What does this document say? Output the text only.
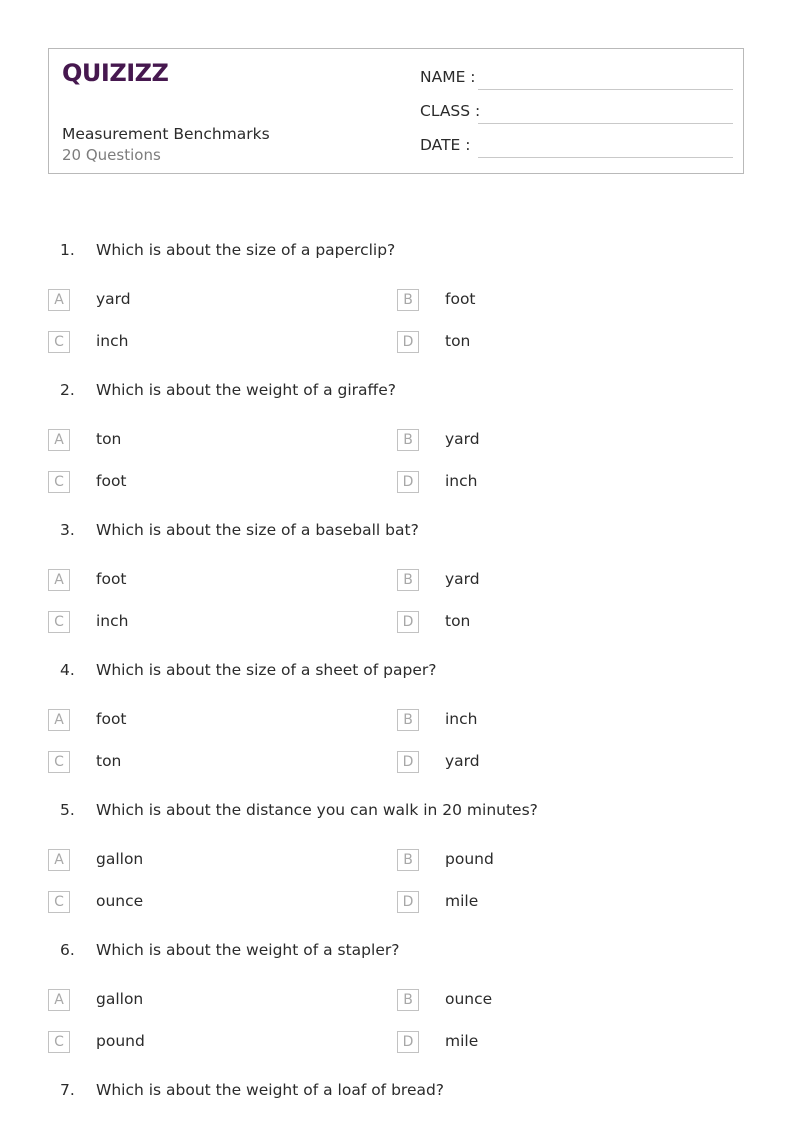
QUIZIZZ
Measurement Benchmarks
20 Questions
NAME :
CLASS :
DATE :
1. Which is about the size of a paperclip?
A	yard	B	foot
C	inch	D	ton
2. Which is about the weight of a giraffe?
A	ton	B	yard
C	foot	D	inch
3. Which is about the size of a baseball bat?
A	foot	B	yard
C	inch	D	ton
4. Which is about the size of a sheet of paper?
A	foot	B	inch
C	ton	D	yard
5. Which is about the distance you can walk in 20 minutes?
A	gallon	B	pound
C	ounce	D	mile
6. Which is about the weight of a stapler?
A	gallon	B	ounce
C	pound	D	mile
7. Which is about the weight of a loaf of bread?
